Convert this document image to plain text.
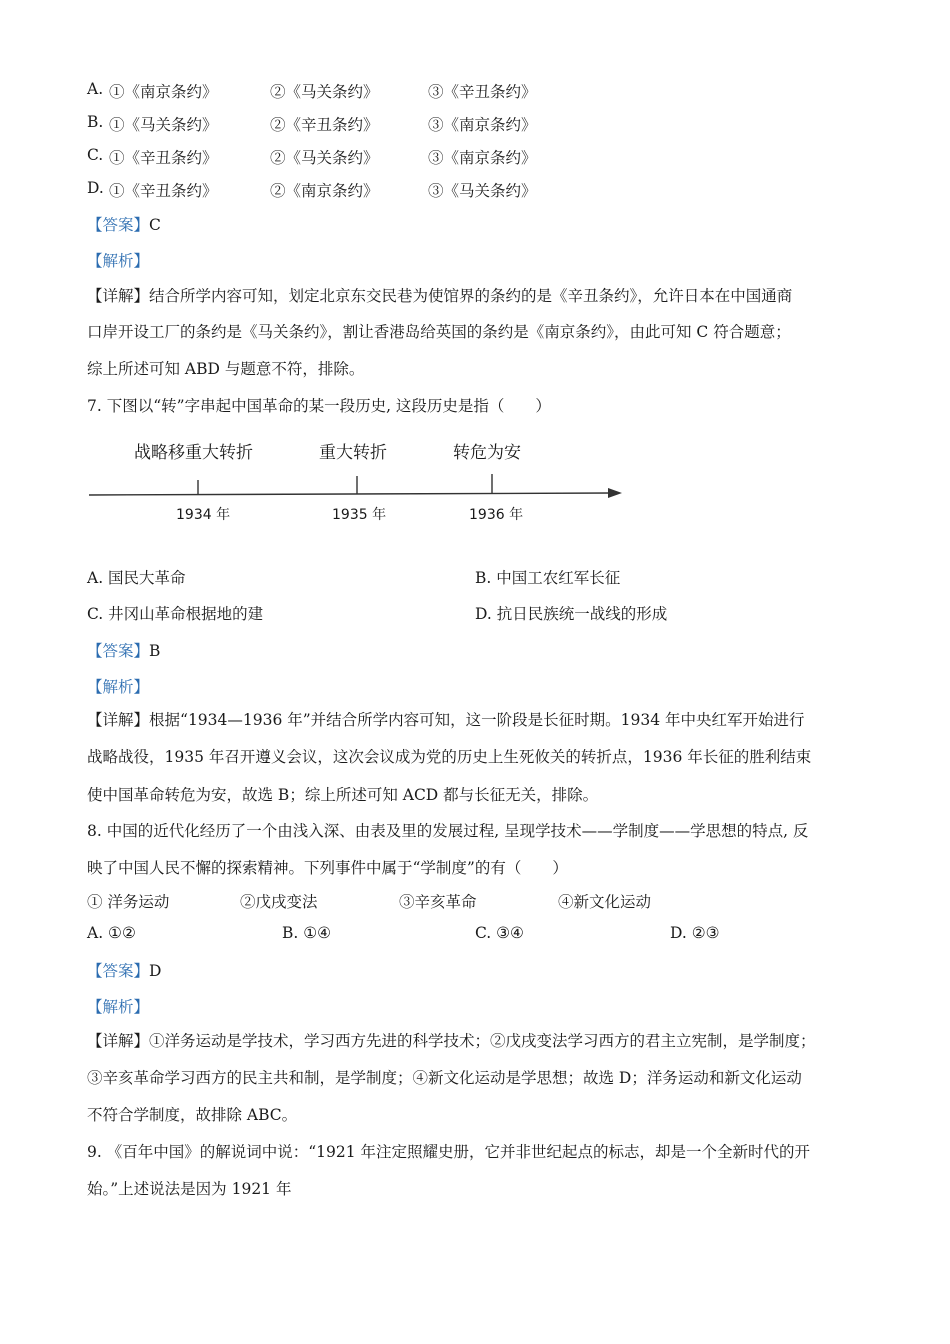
A. ①《南京条约》	②《马关条约》	③《辛丑条约》
B. ①《马关条约》	②《辛丑条约》	③《南京条约》
C. ①《辛丑条约》	②《马关条约》	③《南京条约》
D. ①《辛丑条约》	②《南京条约》	③《马关条约》
【答案】C
【解析】
【详解】结合所学内容可知，划定北京东交民巷为使馆界的条约的是《辛丑条约》，允许日本在中国通商
口岸开设工厂的条约是《马关条约》，割让香港岛给英国的条约是《南京条约》，由此可知 C 符合题意；
综上所述可知 ABD 与题意不符，排除。
7. 下图以“转”字串起中国革命的某一段历史, 这段历史是指（　　）
战略移重大转折	重大转折	转危为安
1934 年	1935 年	1936 年
A. 国民大革命	B. 中国工农红军长征
C. 井冈山革命根据地的建	D. 抗日民族统一战线的形成
【答案】B
【解析】
【详解】根据“1934—1936 年”并结合所学内容可知，这一阶段是长征时期。1934 年中央红军开始进行
战略战役，1935 年召开遵义会议，这次会议成为党的历史上生死攸关的转折点，1936 年长征的胜利结束
使中国革命转危为安，故选 B；综上所述可知 ACD 都与长征无关，排除。
8. 中国的近代化经历了一个由浅入深、由表及里的发展过程, 呈现学技术——学制度——学思想的特点, 反
映了中国人民不懈的探索精神。下列事件中属于“学制度”的有（　　）
① 洋务运动	②戊戌变法	③辛亥革命	④新文化运动
A. ①②	B. ①④	C. ③④	D. ②③
【答案】D
【解析】
【详解】①洋务运动是学技术，学习西方先进的科学技术；②戊戌变法学习西方的君主立宪制，是学制度；
③辛亥革命学习西方的民主共和制，是学制度；④新文化运动是学思想；故选 D；洋务运动和新文化运动
不符合学制度，故排除 ABC。
9. 《百年中国》的解说词中说：“1921 年注定照耀史册，它并非世纪起点的标志，却是一个全新时代的开
始。”上述说法是因为 1921 年
